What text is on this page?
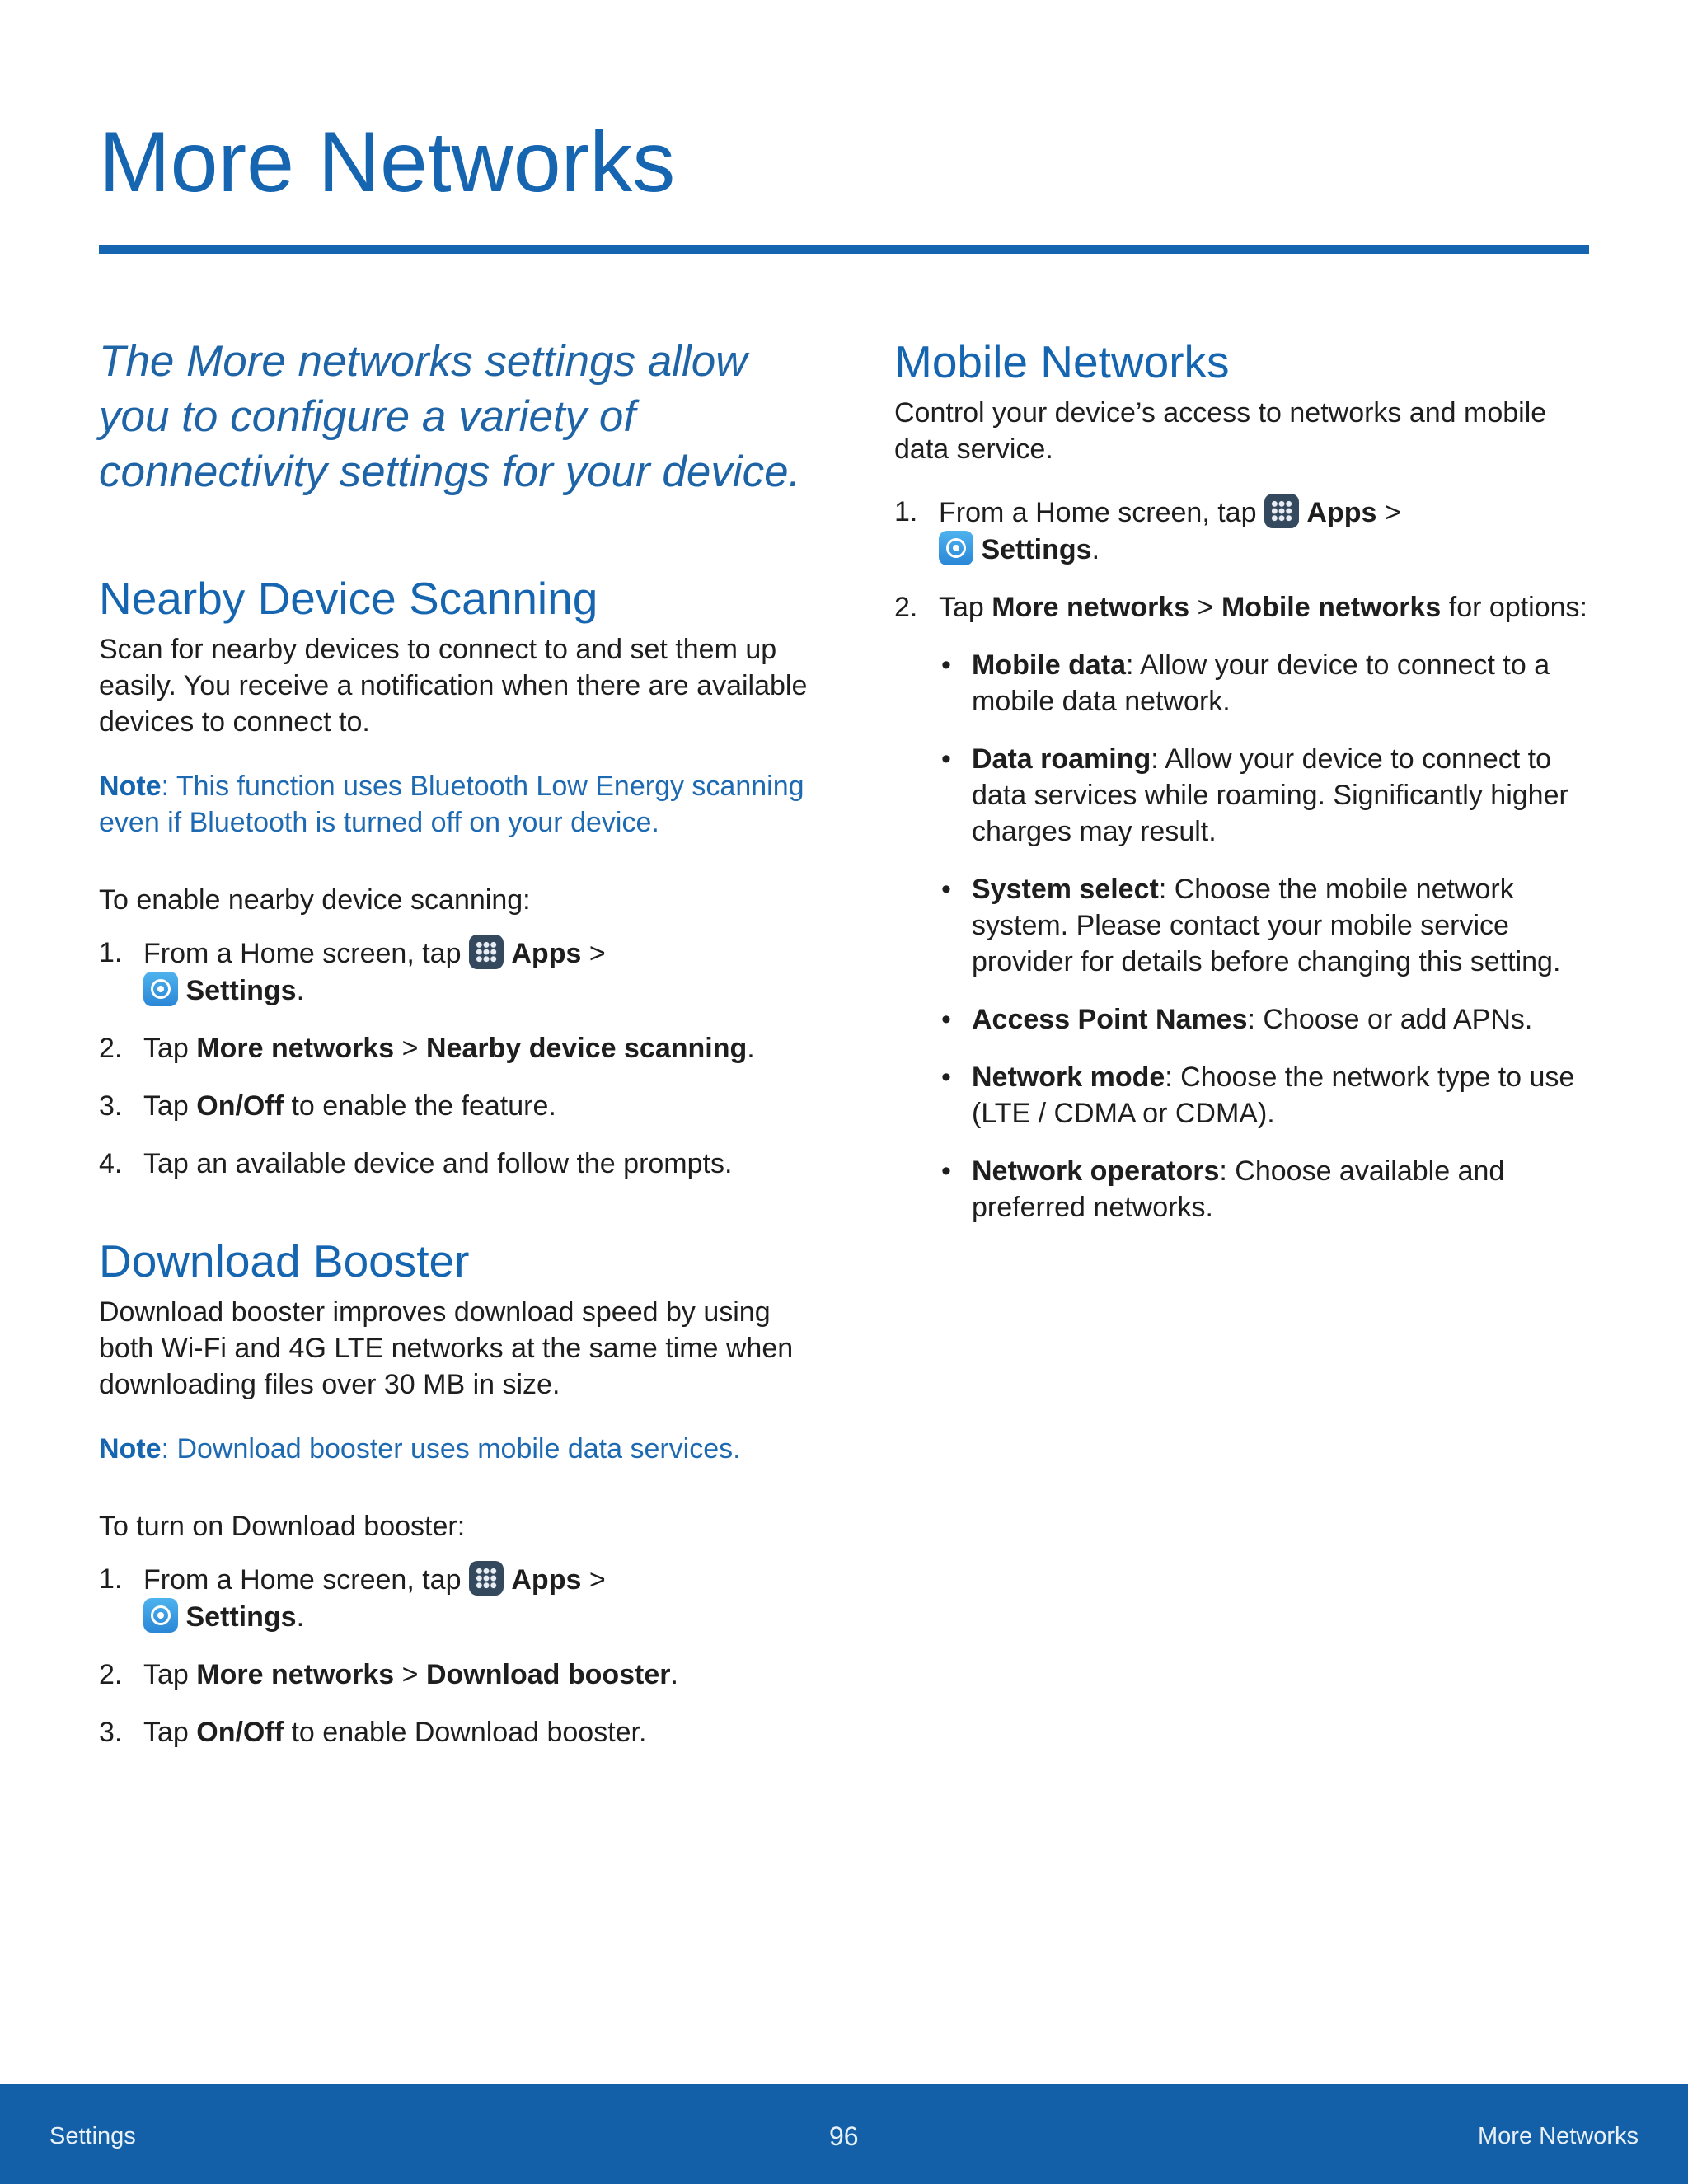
More Networks

The More networks settings allow you to configure a variety of connectivity settings for your device.

Nearby Device Scanning

Scan for nearby devices to connect to and set them up easily. You receive a notification when there are available devices to connect to.

Note: This function uses Bluetooth Low Energy scanning even if Bluetooth is turned off on your device.

To enable nearby device scanning:

1. From a Home screen, tap
Apps >

Settings.
2. Tap More networks > Nearby device scanning.
3. Tap On/Off to enable the feature.
4. Tap an available device and follow the prompts.
Download Booster

Download booster improves download speed by using both Wi-Fi and 4G LTE networks at the same time when downloading files over 30 MB in size.

Note: Download booster uses mobile data services.

To turn on Download booster:

1. From a Home screen, tap
Apps >

Settings.
2. Tap More networks > Download booster.
3. Tap On/Off to enable Download booster.
Mobile Networks

Control your device’s access to networks and mobile data service.

1. From a Home screen, tap
Apps >

Settings.
2. Tap More networks > Mobile networks for options:
• Mobile data: Allow your device to connect to a mobile data network.
• Data roaming: Allow your device to connect to data services while roaming. Significantly higher charges may result.
• System select: Choose the mobile network system. Please contact your mobile service provider for details before changing this setting.
• Access Point Names: Choose or add APNs.
• Network mode: Choose the network type to use (LTE / CDMA or CDMA).
• Network operators: Choose available and preferred networks.
Settings	96	More Networks
